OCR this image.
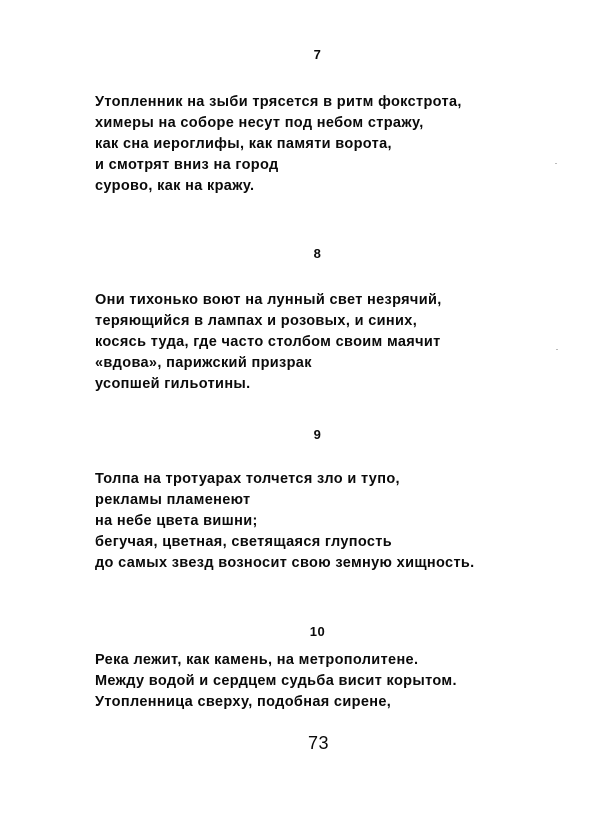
7
Утопленник на зыби трясется в ритм фокстрота,
химеры на соборе несут под небом стражу,
как сна иероглифы, как памяти ворота,
и смотрят вниз на город
сурово, как на кражу.
8
Они тихонько воют на лунный свет незрячий,
теряющийся в лампах и розовых, и синих,
косясь туда, где часто столбом своим маячит
«вдова», парижский призрак
усопшей гильотины.
9
Толпа на тротуарах толчется зло и тупо,
рекламы пламенеют
на небе цвета вишни;
бегучая, цветная, светящаяся глупость
до самых звезд возносит свою земную хищность.
10
Река лежит, как камень, на метрополитене.
Между водой и сердцем судьба висит корытом.
Утопленница сверху, подобная сирене,
73
